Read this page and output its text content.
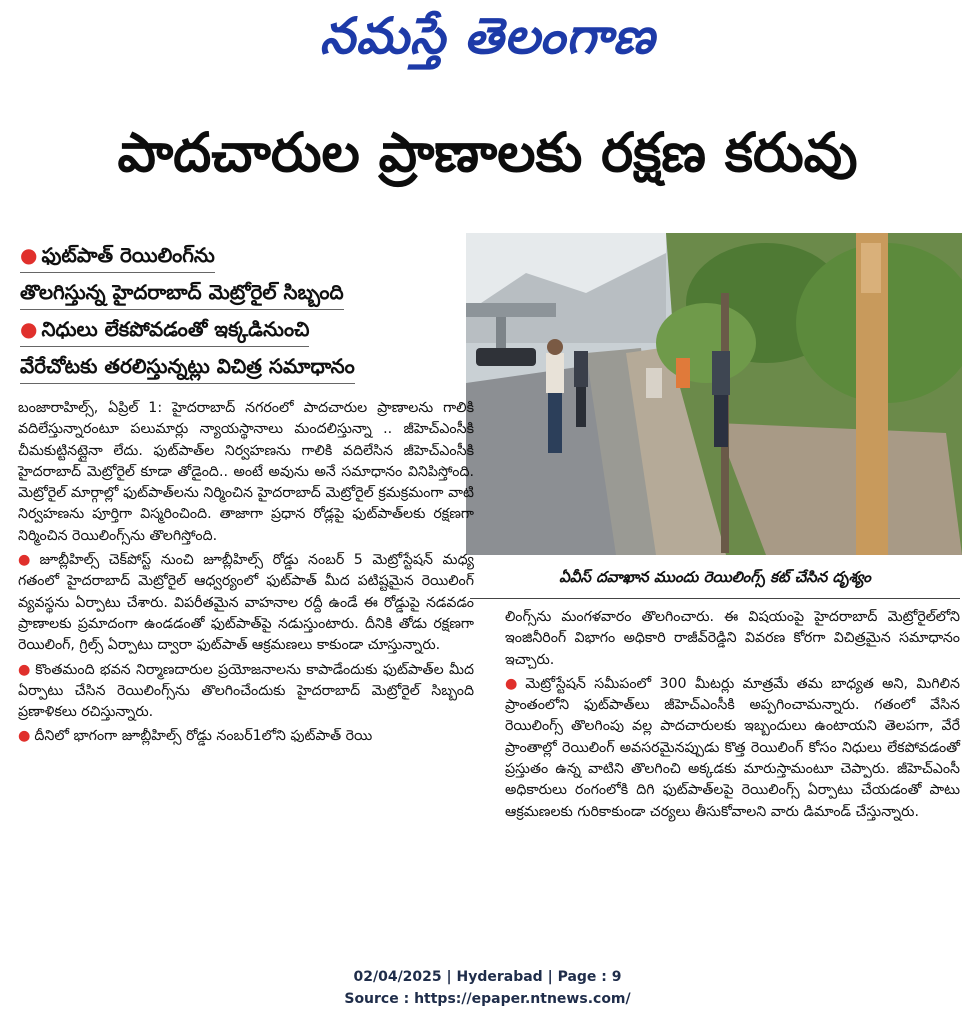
నమస్తే తెలంగాణ
పాదచారుల ప్రాణాలకు రక్షణ కరువు
● ఫుట్‌పాత్ రెయిలింగ్‌ను
తొలగిస్తున్న హైదరాబాద్ మెట్రోరైల్ సిబ్బంది
● నిధులు లేకపోవడంతో ఇక్కడినుంచి
వేరేచోటకు తరలిస్తున్నట్లు విచిత్ర సమాధానం
ఏవీస్ దవాఖాన ముందు రెయిలింగ్స్ కట్ చేసిన దృశ్యం

బంజారాహిల్స్, ఏప్రిల్ 1: హైదరాబాద్ నగరంలో పాదచారుల ప్రాణాలను గాలికి వదిలేస్తున్నారంటూ పలుమార్లు న్యాయస్థానాలు మందలిస్తున్నా .. జీహెచ్‌ఎంసీకి చీమకుట్టినట్లైనా లేదు. ఫుట్‌పాత్‌ల నిర్వహణను గాలికి వదిలేసిన జీహెచ్‌ఎంసీకి హైదరాబాద్ మెట్రోరైల్ కూడా తోడైంది.. అంటే అవును అనే సమాధానం వినిపిస్తోంది. మెట్రోరైల్ మార్గాల్లో ఫుట్‌పాత్‌లను నిర్మించిన హైదరాబాద్ మెట్రోరైల్ క్రమక్రమంగా వాటి నిర్వహణను పూర్తిగా విస్మరించింది. తాజాగా ప్రధాన రోడ్లపై ఫుట్‌పాత్‌లకు రక్షణగా నిర్మించిన రెయిలింగ్స్‌ను తొలగిస్తోంది.

● జూబ్లీహిల్స్ చెక్‌పోస్ట్ నుంచి జూబ్లీహిల్స్ రోడ్డు నంబర్ 5 మెట్రోస్టేషన్ మధ్య గతంలో హైదరాబాద్ మెట్రోరైల్ ఆధ్వర్యంలో ఫుట్‌పాత్ మీద పటిష్టమైన రెయిలింగ్ వ్యవస్థను ఏర్పాటు చేశారు. విపరీతమైన వాహనాల రద్దీ ఉండే ఈ రోడ్డుపై నడవడం ప్రాణాలకు ప్రమాదంగా ఉండడంతో ఫుట్‌పాత్‌పై నడుస్తుంటారు. దీనికి తోడు రక్షణగా రెయిలింగ్, గ్రిల్స్ ఏర్పాటు ద్వారా ఫుట్‌పాత్ ఆక్రమణలు కాకుండా చూస్తున్నారు.

● కొంతమంది భవన నిర్మాణదారుల ప్రయోజనాలను కాపాడేందుకు ఫుట్‌పాత్‌ల మీద ఏర్పాటు చేసిన రెయిలింగ్స్‌ను తొలగించేందుకు హైదరాబాద్ మెట్రోరైల్ సిబ్బంది ప్రణాళికలు రచిస్తున్నారు.

● దీనిలో భాగంగా జూబ్లీహిల్స్ రోడ్డు నంబర్1లోని ఫుట్‌పాత్ రెయి

లింగ్స్‌ను మంగళవారం తొలగించారు. ఈ విషయంపై హైదరాబాద్ మెట్రోరైల్‌లోని ఇంజినీరింగ్ విభాగం అధికారి రాజీవ్‌రెడ్డిని వివరణ కోరగా విచిత్రమైన సమాధానం ఇచ్చారు.

● మెట్రోస్టేషన్ సమీపంలో 300 మీటర్లు మాత్రమే తమ బాధ్యత అని, మిగిలిన ప్రాంతంలోని ఫుట్‌పాత్‌లు జీహెచ్‌ఎంసీకి అప్పగించామన్నారు. గతంలో వేసిన రెయిలింగ్స్ తొలగింపు వల్ల పాదచారులకు ఇబ్బందులు ఉంటాయని తెలపగా, వేరే ప్రాంతాల్లో రెయిలింగ్ అవసరమైనప్పుడు కొత్త రెయిలింగ్ కోసం నిధులు లేకపోవడంతో ప్రస్తుతం ఉన్న వాటిని తొలగించి అక్కడకు మారుస్తామంటూ చెప్పారు. జీహెచ్‌ఎంసీ అధికారులు రంగంలోకి దిగి ఫుట్‌పాత్‌లపై రెయిలింగ్స్ ఏర్పాటు చేయడంతో పాటు ఆక్రమణలకు గురికాకుండా చర్యలు తీసుకోవాలని వారు డిమాండ్ చేస్తున్నారు.

02/04/2025 | Hyderabad | Page : 9
Source : https://epaper.ntnews.com/
